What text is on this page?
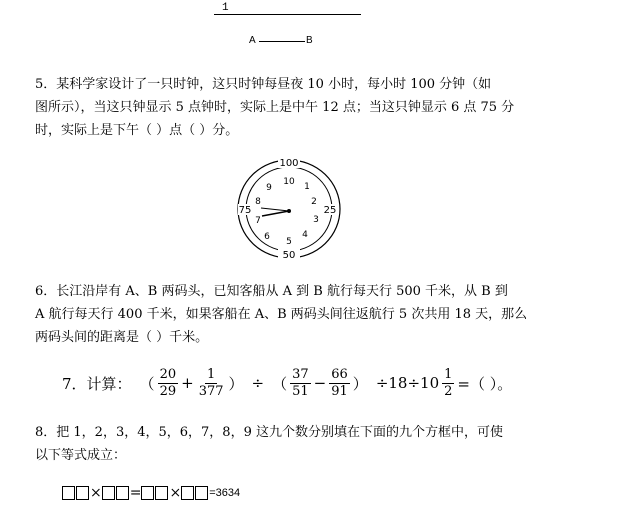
1
A	B
5．某科学家设计了一只时钟，这只时钟每昼夜 10 小时，每小时 100 分钟（如
图所示），当这只钟显示 5 点钟时，实际上是中午 12 点；当这只钟显示 6 点 75 分
时，实际上是下午（ ）点（ ）分。
100
25
50
75
10 1
2
3
4
5
6
7
8
9
6．长江沿岸有 A、B 两码头，已知客船从 A 到 B 航行每天行 500 千米，从 B 到
A 航行每天行 400 千米，如果客船在 A、B 两码头间往返航行 5 次共用 18 天，那么
两码头间的距离是（ ）千米。
7．计算： （ $\frac{20}{29} + \frac{1}{377}$ ） ÷ （ $\frac{37}{51} - \frac{66}{91}$ ） $\div 18\div 10 \frac{1}{2}$ =（ ）。
8．把 1，2，3，4，5，6，7，8，9 这九个数分别填在下面的九个方框中，可使
以下等式成立：
× = ×	=3634
